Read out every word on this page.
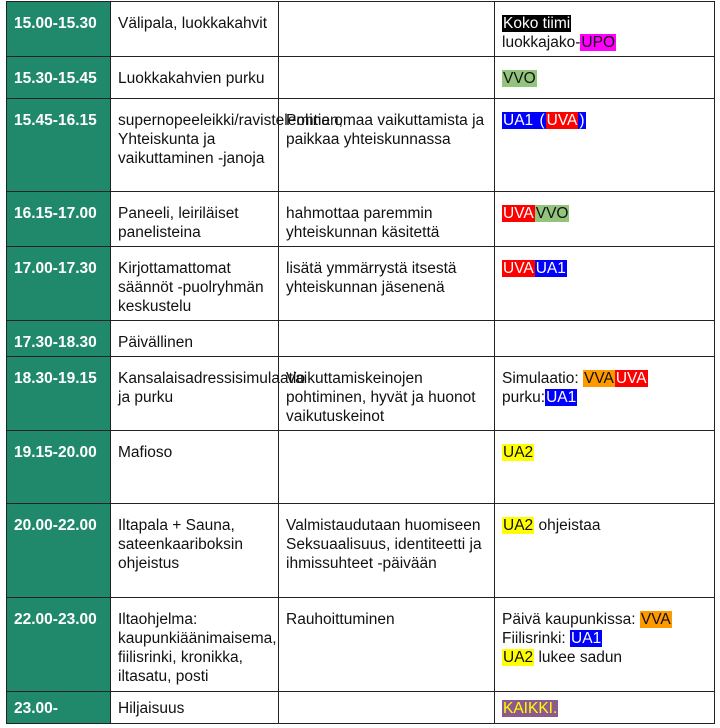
15.00-15.30	Välipala, luokkakahvit		Koko tiimi
luokkajako-UPO

15.30-15.45	Luokkakahvien purku		VVO

15.45-16.15	supernopeeleikki/ravisteleminen, Yhteiskunta ja vaikuttaminen -janoja	Pohtia omaa vaikuttamista ja paikkaa yhteiskunnassa	UA1 ( UVA )

16.15-17.00	Paneeli, leiriläiset panelisteina	hahmottaa paremmin yhteiskunnan käsitettä	UVA VVO

17.00-17.30	Kirjottamattomat säännöt -puolryhmän keskustelu	lisätä ymmärrystä itsestä yhteiskunnan jäsenenä	UVA UA1

17.30-18.30	Päivällinen		
18.30-19.15	Kansalaisadressisimulaatio ja purku	Vaikuttamiskeinojen pohtiminen, hyvät ja huonot vaikutuskeinot	Simulaatio: VVA UVA
purku:UA1

19.15-20.00	Mafioso		UA2

20.00-22.00	Iltapala + Sauna, sateenkaariboksin ohjeistus	Valmistaudutaan huomiseen Seksuaalisuus, identiteetti ja ihmissuhteet -päivään	UA2 ohjeistaa

22.00-23.00	Iltaohjelma: kaupunkiäänimaisema, fiilisrinki, kronikka, iltasatu, posti	Rauhoittuminen	Päivä kaupunkissa: VVA
Fiilisrinki: UA1
UA2 lukee sadun

23.00-	Hiljaisuus		KAIKKI.
